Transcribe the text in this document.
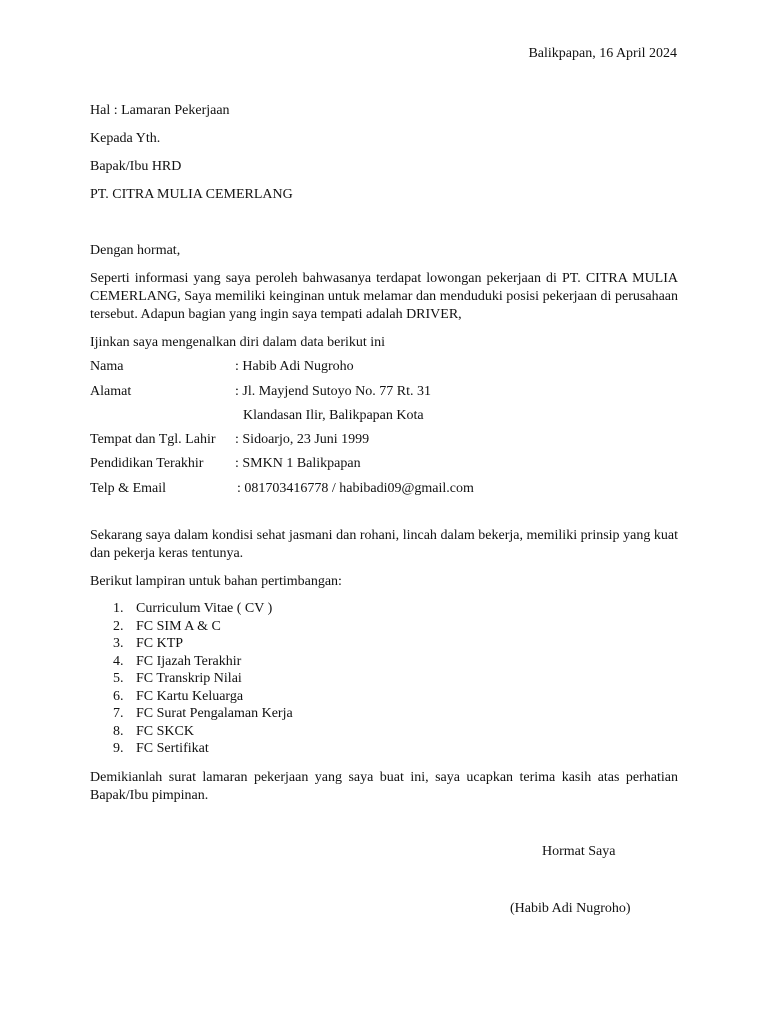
Balikpapan, 16 April 2024
Hal : Lamaran Pekerjaan
Kepada Yth.
Bapak/Ibu HRD
PT. CITRA MULIA CEMERLANG
Dengan hormat,
Seperti informasi yang saya peroleh bahwasanya terdapat lowongan pekerjaan di PT. CITRA MULIA CEMERLANG, Saya memiliki keinginan untuk melamar dan menduduki posisi pekerjaan di perusahaan tersebut. Adapun bagian yang ingin saya tempati adalah DRIVER,
Ijinkan saya mengenalkan diri dalam data berikut ini
Nama	: Habib Adi Nugroho
Alamat	: Jl. Mayjend Sutoyo No. 77 Rt. 31
Klandasan Ilir, Balikpapan Kota
Tempat dan Tgl. Lahir : Sidoarjo, 23 Juni 1999
Pendidikan Terakhir : SMKN 1 Balikpapan
Telp & Email	: 081703416778 / habibadi09@gmail.com
Sekarang saya dalam kondisi sehat jasmani dan rohani, lincah dalam bekerja, memiliki prinsip yang kuat dan pekerja keras tentunya.
Berikut lampiran untuk bahan pertimbangan:
1. Curriculum Vitae ( CV )
2. FC SIM A & C
3. FC KTP
4. FC Ijazah Terakhir
5. FC Transkrip Nilai
6. FC Kartu Keluarga
7. FC Surat Pengalaman Kerja
8. FC SKCK
9. FC Sertifikat
Demikianlah surat lamaran pekerjaan yang saya buat ini, saya ucapkan terima kasih atas perhatian Bapak/Ibu pimpinan.
Hormat Saya
(Habib Adi Nugroho)
